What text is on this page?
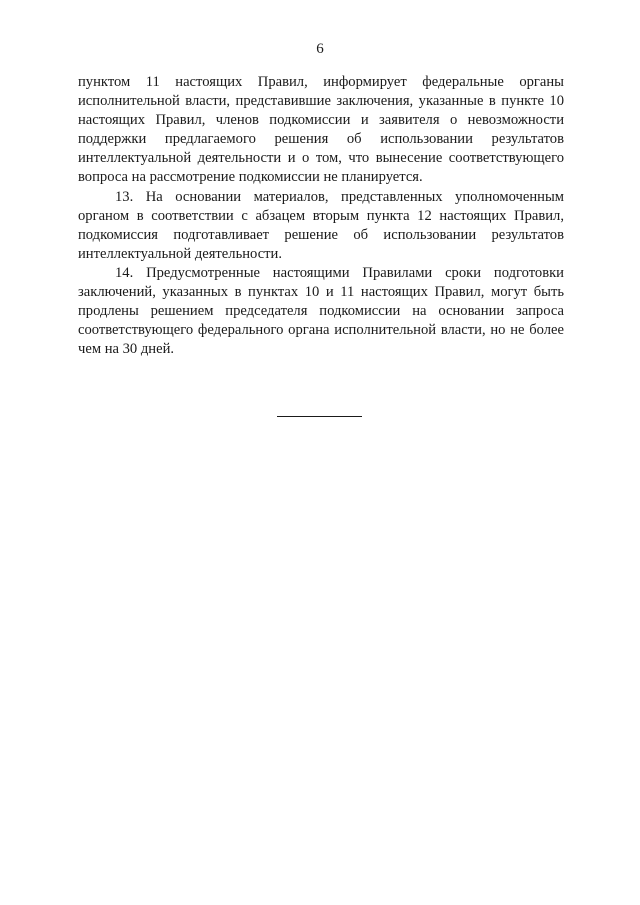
6

пунктом 11 настоящих Правил, информирует федеральные органы исполнительной власти, представившие заключения, указанные в пункте 10 настоящих Правил, членов подкомиссии и заявителя о невозможности поддержки предлагаемого решения об использовании результатов интеллектуальной деятельности и о том, что вынесение соответствующего вопроса на рассмотрение подкомиссии не планируется.

13. На основании материалов, представленных уполномоченным органом в соответствии с абзацем вторым пункта 12 настоящих Правил, подкомиссия подготавливает решение об использовании результатов интеллектуальной деятельности.

14. Предусмотренные настоящими Правилами сроки подготовки заключений, указанных в пунктах 10 и 11 настоящих Правил, могут быть продлены решением председателя подкомиссии на основании запроса соответствующего федерального органа исполнительной власти, но не более чем на 30 дней.
